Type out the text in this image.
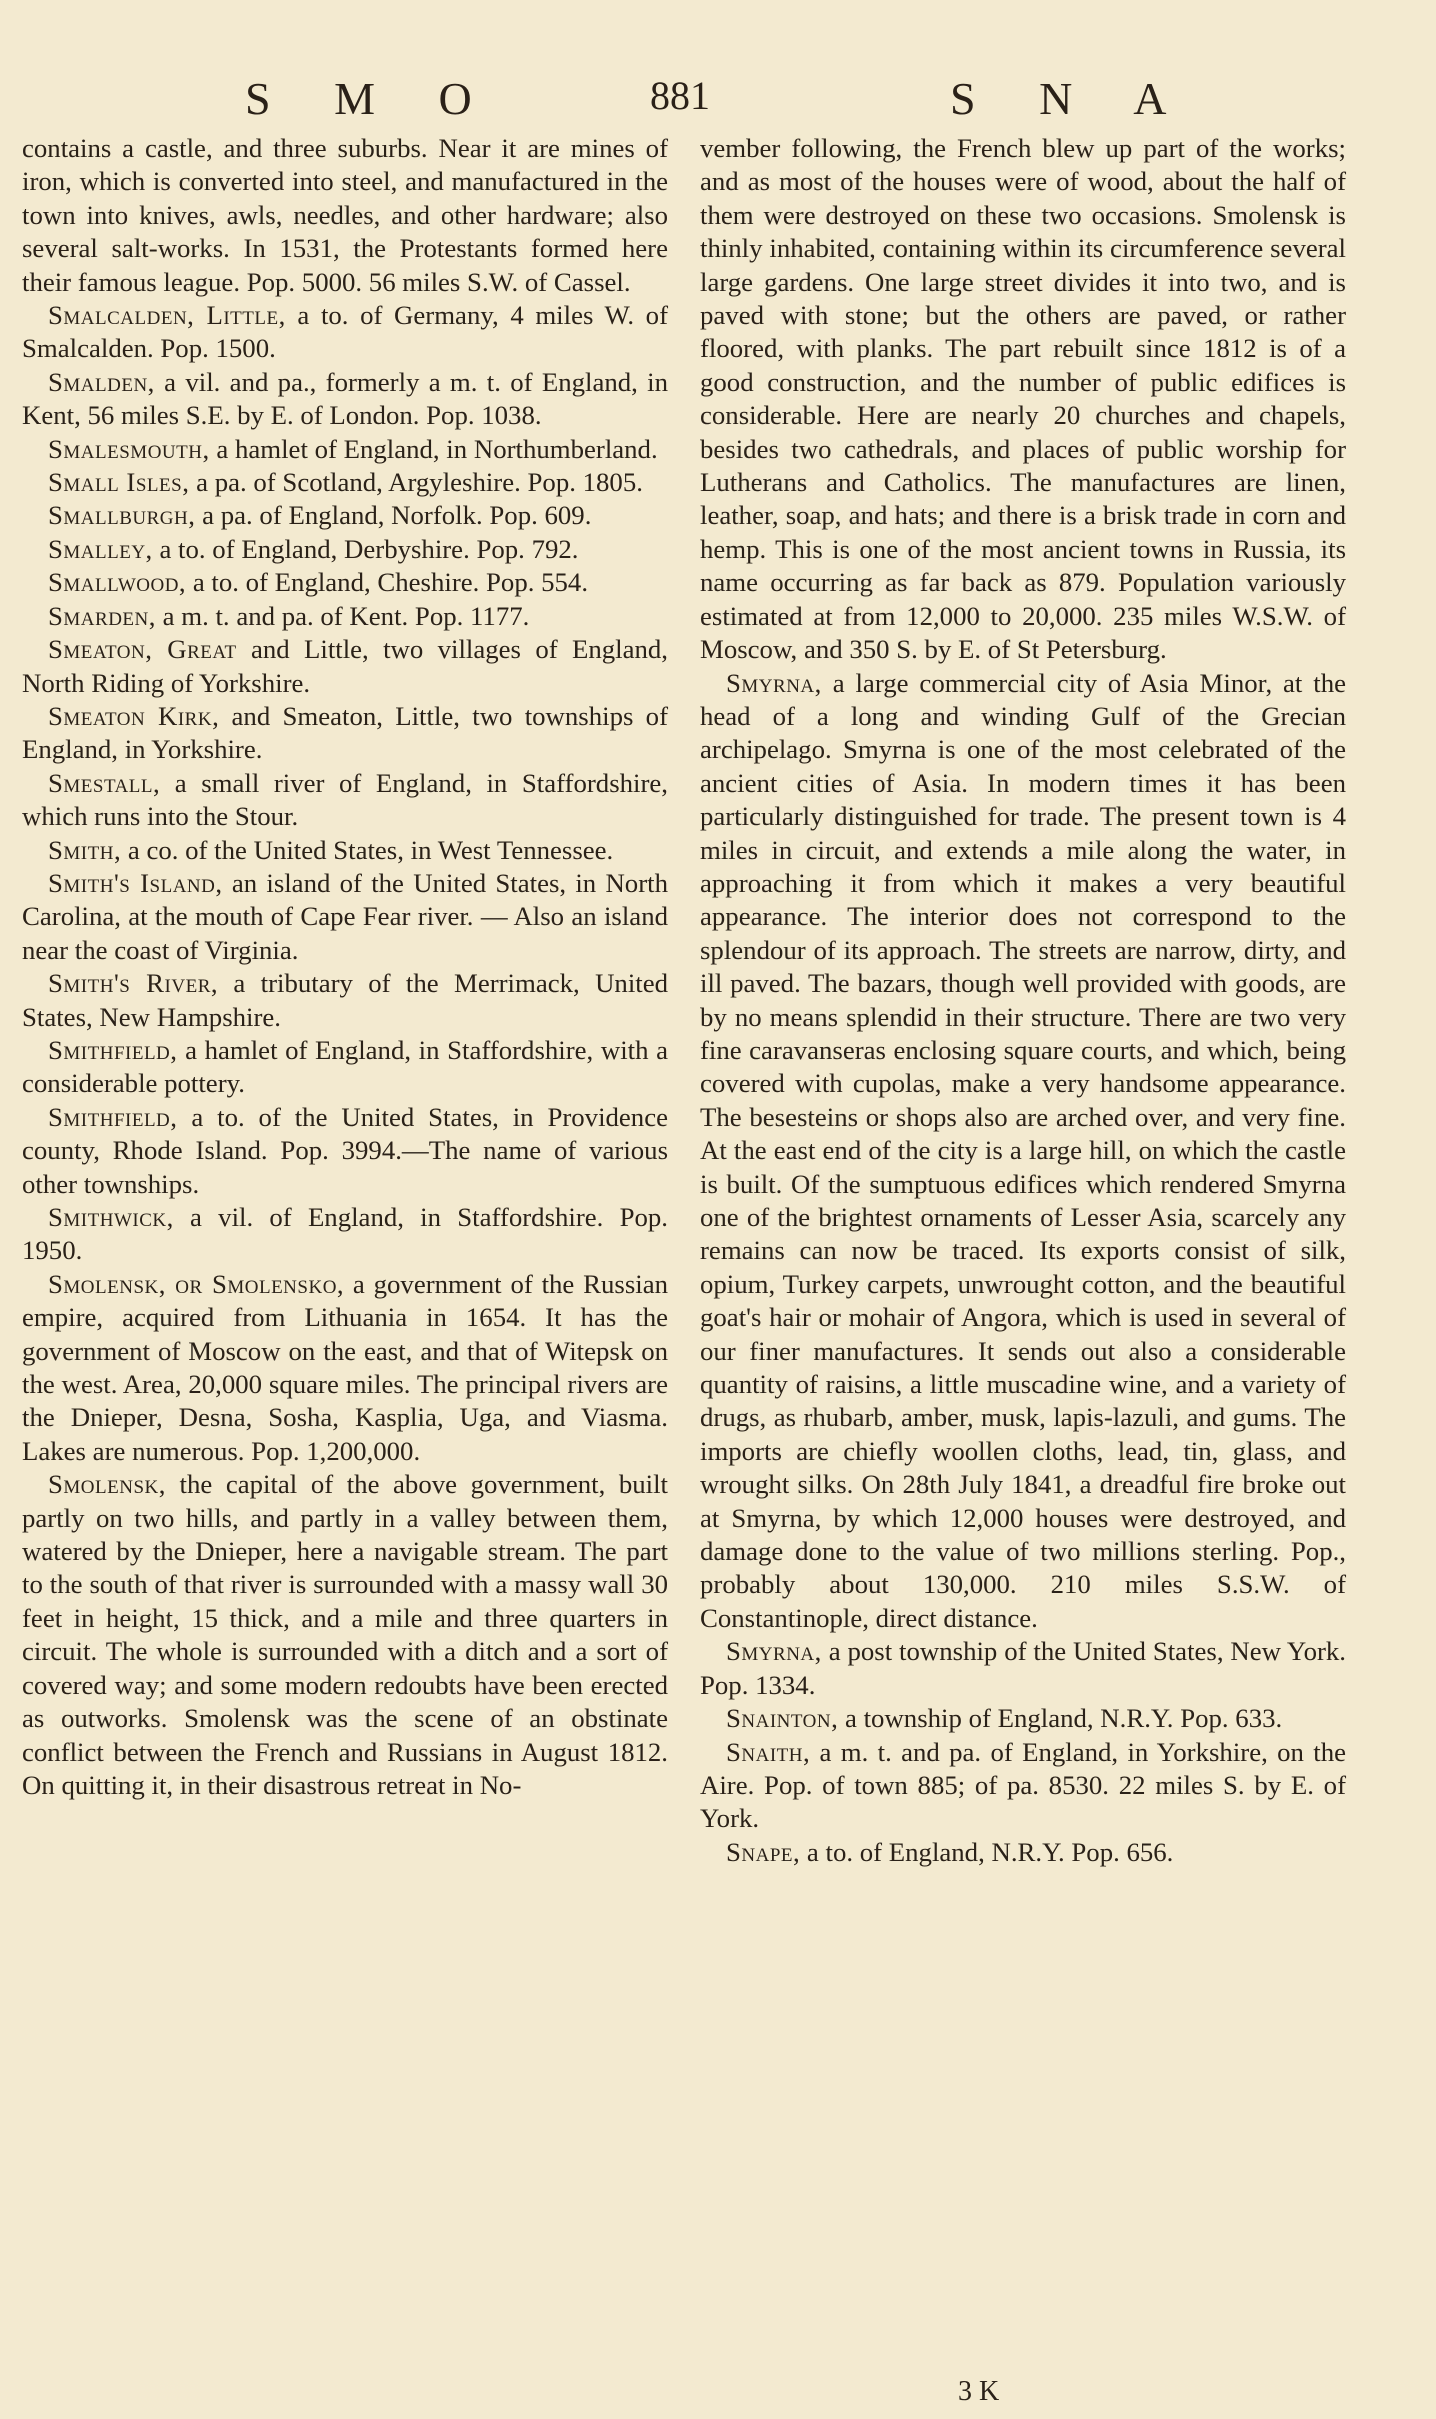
S M O	881	S N A

contains a castle, and three suburbs. Near it are mines of iron, which is converted into steel, and manufactured in the town into knives, awls, needles, and other hardware; also several salt-works. In 1531, the Protestants formed here their famous league. Pop. 5000. 56 miles S.W. of Cassel.

Smalcalden, Little, a to. of Germany, 4 miles W. of Smalcalden. Pop. 1500.

Smalden, a vil. and pa., formerly a m. t. of England, in Kent, 56 miles S.E. by E. of London. Pop. 1038.

Smalesmouth, a hamlet of England, in Northumberland.

Small Isles, a pa. of Scotland, Argyleshire. Pop. 1805.

Smallburgh, a pa. of England, Norfolk. Pop. 609.

Smalley, a to. of England, Derbyshire. Pop. 792.

Smallwood, a to. of England, Cheshire. Pop. 554.

Smarden, a m. t. and pa. of Kent. Pop. 1177.

Smeaton, Great and Little, two villages of England, North Riding of Yorkshire.

Smeaton Kirk, and Smeaton, Little, two townships of England, in Yorkshire.

Smestall, a small river of England, in Staffordshire, which runs into the Stour.

Smith, a co. of the United States, in West Tennessee.

Smith's Island, an island of the United States, in North Carolina, at the mouth of Cape Fear river. — Also an island near the coast of Virginia.

Smith's River, a tributary of the Merrimack, United States, New Hampshire.

Smithfield, a hamlet of England, in Staffordshire, with a considerable pottery.

Smithfield, a to. of the United States, in Providence county, Rhode Island. Pop. 3994.—The name of various other townships.

Smithwick, a vil. of England, in Staffordshire. Pop. 1950.

Smolensk, or Smolensko, a government of the Russian empire, acquired from Lithuania in 1654. It has the government of Moscow on the east, and that of Witepsk on the west. Area, 20,000 square miles. The principal rivers are the Dnieper, Desna, Sosha, Kasplia, Uga, and Viasma. Lakes are numerous. Pop. 1,200,000.

Smolensk, the capital of the above government, built partly on two hills, and partly in a valley between them, watered by the Dnieper, here a navigable stream. The part to the south of that river is surrounded with a massy wall 30 feet in height, 15 thick, and a mile and three quarters in circuit. The whole is surrounded with a ditch and a sort of covered way; and some modern redoubts have been erected as outworks. Smolensk was the scene of an obstinate conflict between the French and Russians in August 1812. On quitting it, in their disastrous retreat in No-

vember following, the French blew up part of the works; and as most of the houses were of wood, about the half of them were destroyed on these two occasions. Smolensk is thinly inhabited, containing within its circumference several large gardens. One large street divides it into two, and is paved with stone; but the others are paved, or rather floored, with planks. The part rebuilt since 1812 is of a good construction, and the number of public edifices is considerable. Here are nearly 20 churches and chapels, besides two cathedrals, and places of public worship for Lutherans and Catholics. The manufactures are linen, leather, soap, and hats; and there is a brisk trade in corn and hemp. This is one of the most ancient towns in Russia, its name occurring as far back as 879. Population variously estimated at from 12,000 to 20,000. 235 miles W.S.W. of Moscow, and 350 S. by E. of St Petersburg.

Smyrna, a large commercial city of Asia Minor, at the head of a long and winding Gulf of the Grecian archipelago. Smyrna is one of the most celebrated of the ancient cities of Asia. In modern times it has been particularly distinguished for trade. The present town is 4 miles in circuit, and extends a mile along the water, in approaching it from which it makes a very beautiful appearance. The interior does not correspond to the splendour of its approach. The streets are narrow, dirty, and ill paved. The bazars, though well provided with goods, are by no means splendid in their structure. There are two very fine caravanseras enclosing square courts, and which, being covered with cupolas, make a very handsome appearance. The besesteins or shops also are arched over, and very fine. At the east end of the city is a large hill, on which the castle is built. Of the sumptuous edifices which rendered Smyrna one of the brightest ornaments of Lesser Asia, scarcely any remains can now be traced. Its exports consist of silk, opium, Turkey carpets, unwrought cotton, and the beautiful goat's hair or mohair of Angora, which is used in several of our finer manufactures. It sends out also a considerable quantity of raisins, a little muscadine wine, and a variety of drugs, as rhubarb, amber, musk, lapis-lazuli, and gums. The imports are chiefly woollen cloths, lead, tin, glass, and wrought silks. On 28th July 1841, a dreadful fire broke out at Smyrna, by which 12,000 houses were destroyed, and damage done to the value of two millions sterling. Pop., probably about 130,000. 210 miles S.S.W. of Constantinople, direct distance.

Smyrna, a post township of the United States, New York. Pop. 1334.

Snainton, a township of England, N.R.Y. Pop. 633.

Snaith, a m. t. and pa. of England, in Yorkshire, on the Aire. Pop. of town 885; of pa. 8530. 22 miles S. by E. of York.

Snape, a to. of England, N.R.Y. Pop. 656.

3 K
